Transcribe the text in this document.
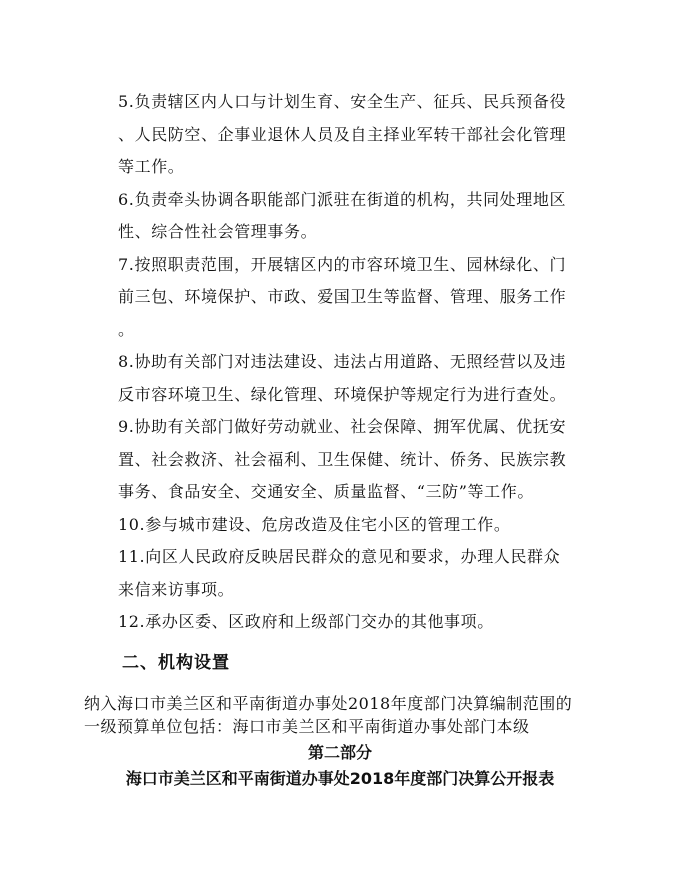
5.负责辖区内人口与计划生育、安全生产、征兵、民兵预备役
、人民防空、企事业退休人员及自主择业军转干部社会化管理
等工作。

6.负责牵头协调各职能部门派驻在街道的机构，共同处理地区
性、综合性社会管理事务。

7.按照职责范围，开展辖区内的市容环境卫生、园林绿化、门
前三包、环境保护、市政、爱国卫生等监督、管理、服务工作
。

8.协助有关部门对违法建设、违法占用道路、无照经营以及违
反市容环境卫生、绿化管理、环境保护等规定行为进行查处。

9.协助有关部门做好劳动就业、社会保障、拥军优属、优抚安
置、社会救济、社会福利、卫生保健、统计、侨务、民族宗教
事务、食品安全、交通安全、质量监督、“三防”等工作。

10.参与城市建设、危房改造及住宅小区的管理工作。

11.向区人民政府反映居民群众的意见和要求，办理人民群众
来信来访事项。

12.承办区委、区政府和上级部门交办的其他事项。

二、机构设置

纳入海口市美兰区和平南街道办事处2018年度部门决算编制范围的
一级预算单位包括：海口市美兰区和平南街道办事处部门本级

第二部分
海口市美兰区和平南街道办事处2018年度部门决算公开报表
